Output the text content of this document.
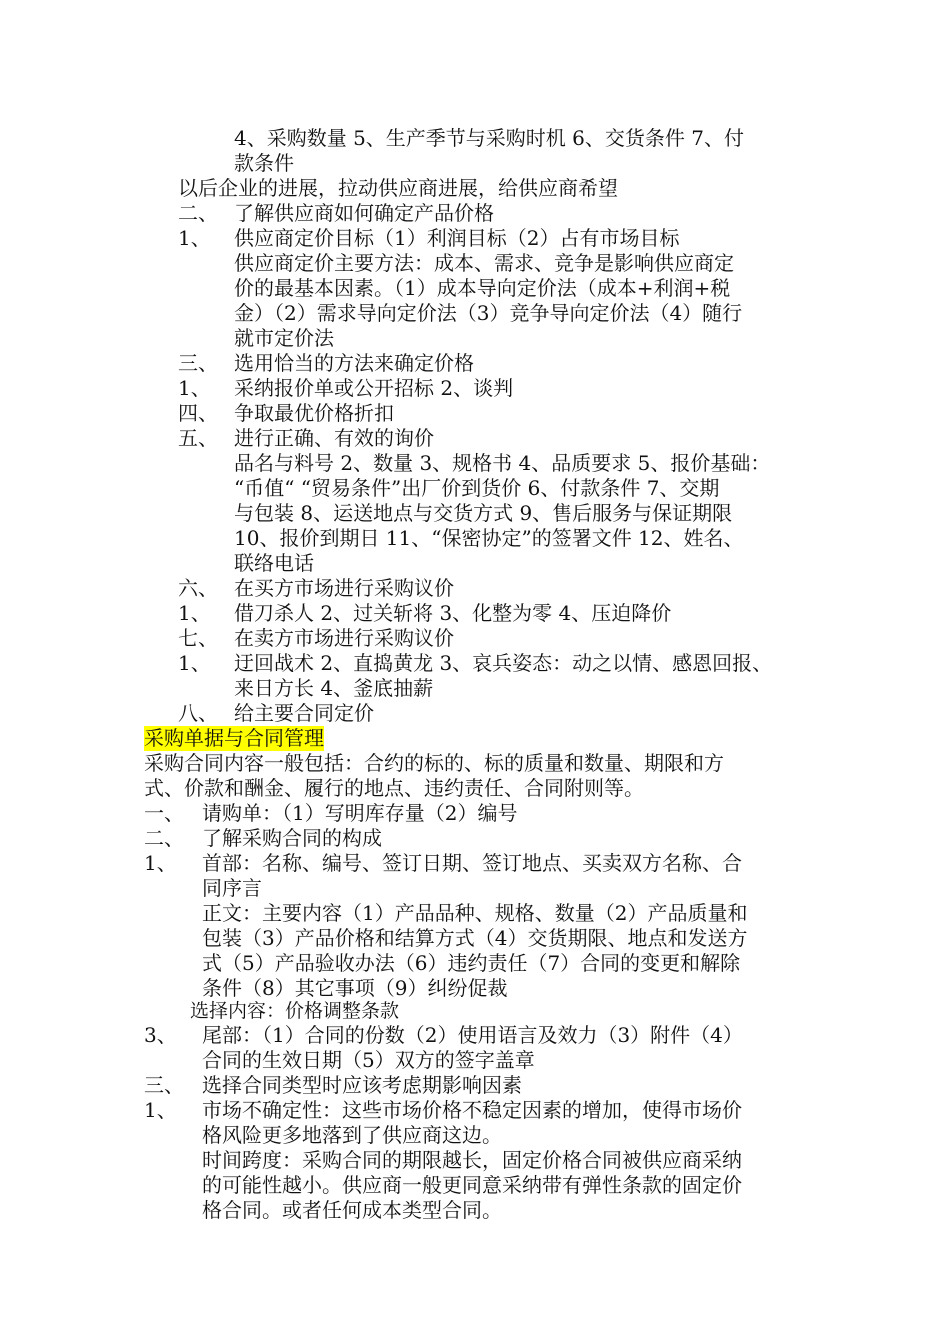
4、采购数量 5、生产季节与采购时机 6、交货条件 7、付
款条件
以后企业的进展，拉动供应商进展，给供应商希望
二、 了解供应商如何确定产品价格
1、 供应商定价目标（1）利润目标（2）占有市场目标
供应商定价主要方法：成本、需求、竞争是影响供应商定
价的最基本因素。（1）成本导向定价法（成本+利润+税
金）（2）需求导向定价法（3）竞争导向定价法（4）随行
就市定价法
三、 选用恰当的方法来确定价格
1、 采纳报价单或公开招标 2、谈判
四、 争取最优价格折扣
五、 进行正确、有效的询价
品名与料号 2、数量 3、规格书 4、品质要求 5、报价基础：
“币值“ “贸易条件”出厂价到货价 6、付款条件 7、交期
与包装 8、运送地点与交货方式 9、售后服务与保证期限
10、报价到期日 11、“保密协定”的签署文件 12、姓名、
联络电话
六、 在买方市场进行采购议价
1、 借刀杀人 2、过关斩将 3、化整为零 4、压迫降价
七、 在卖方市场进行采购议价
1、 迂回战术 2、直捣黄龙 3、哀兵姿态：动之以情、感恩回报、
来日方长 4、釜底抽薪
八、 给主要合同定价
采购单据与合同管理
采购合同内容一般包括：合约的标的、标的质量和数量、期限和方
式、价款和酬金、履行的地点、违约责任、合同附则等。
一、 请购单：（1）写明库存量（2）编号
二、 了解采购合同的构成
1、 首部：名称、编号、签订日期、签订地点、买卖双方名称、合
同序言
正文：主要内容（1）产品品种、规格、数量（2）产品质量和
包装（3）产品价格和结算方式（4）交货期限、地点和发送方
式（5）产品验收办法（6）违约责任（7）合同的变更和解除
条件（8）其它事项（9）纠纷促裁
选择内容：价格调整条款
3、 尾部：（1）合同的份数（2）使用语言及效力（3）附件（4）
合同的生效日期（5）双方的签字盖章
三、 选择合同类型时应该考虑期影响因素
1、 市场不确定性：这些市场价格不稳定因素的增加，使得市场价
格风险更多地落到了供应商这边。
时间跨度：采购合同的期限越长，固定价格合同被供应商采纳
的可能性越小。供应商一般更同意采纳带有弹性条款的固定价
格合同。或者任何成本类型合同。
